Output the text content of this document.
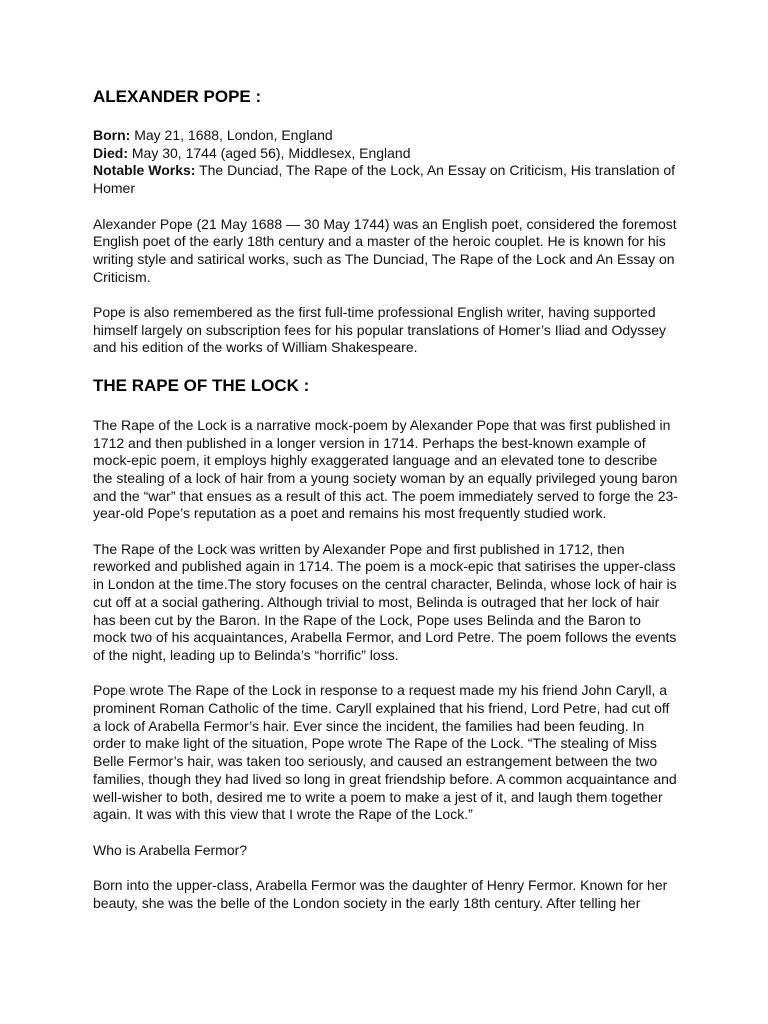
ALEXANDER POPE :

Born: May 21, 1688, London, England

Died: May 30, 1744 (aged 56), Middlesex, England

Notable Works: The Dunciad, The Rape of the Lock, An Essay on Criticism, His translation of Homer

Alexander Pope (21 May 1688 — 30 May 1744) was an English poet, considered the foremost English poet of the early 18th century and a master of the heroic couplet. He is known for his writing style and satirical works, such as The Dunciad, The Rape of the Lock and An Essay on Criticism.

Pope is also remembered as the first full-time professional English writer, having supported himself largely on subscription fees for his popular translations of Homer’s Iliad and Odyssey and his edition of the works of William Shakespeare.

THE RAPE OF THE LOCK :

The Rape of the Lock is a narrative mock-poem by Alexander Pope that was first published in 1712 and then published in a longer version in 1714. Perhaps the best-known example of mock-epic poem, it employs highly exaggerated language and an elevated tone to describe the stealing of a lock of hair from a young society woman by an equally privileged young baron and the “war” that ensues as a result of this act. The poem immediately served to forge the 23-year-old Pope’s reputation as a poet and remains his most frequently studied work.

The Rape of the Lock was written by Alexander Pope and first published in 1712, then reworked and published again in 1714. The poem is a mock-epic that satirises the upper-class in London at the time.The story focuses on the central character, Belinda, whose lock of hair is cut off at a social gathering. Although trivial to most, Belinda is outraged that her lock of hair has been cut by the Baron. In the Rape of the Lock, Pope uses Belinda and the Baron to mock two of his acquaintances, Arabella Fermor, and Lord Petre. The poem follows the events of the night, leading up to Belinda’s “horrific” loss.

Pope wrote The Rape of the Lock in response to a request made my his friend John Caryll, a prominent Roman Catholic of the time. Caryll explained that his friend, Lord Petre, had cut off a lock of Arabella Fermor’s hair. Ever since the incident, the families had been feuding. In order to make light of the situation, Pope wrote The Rape of the Lock. “The stealing of Miss Belle Fermor’s hair, was taken too seriously, and caused an estrangement between the two families, though they had lived so long in great friendship before. A common acquaintance and well-wisher to both, desired me to write a poem to make a jest of it, and laugh them together again. It was with this view that I wrote the Rape of the Lock.”

Who is Arabella Fermor?

Born into the upper-class, Arabella Fermor was the daughter of Henry Fermor. Known for her beauty, she was the belle of the London society in the early 18th century. After telling her
